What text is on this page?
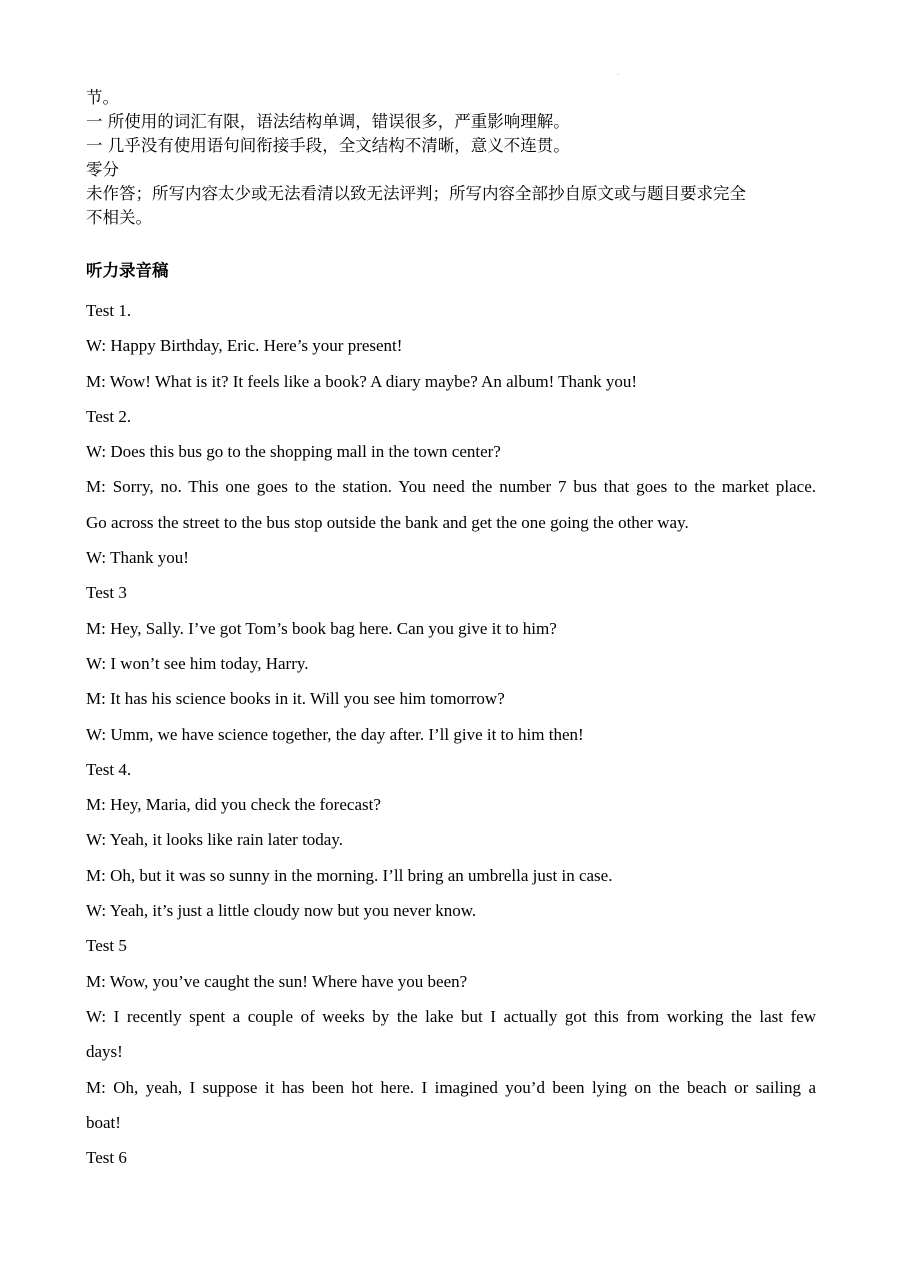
节。
一 所使用的词汇有限，语法结构单调，错误很多，严重影响理解。
一 几乎没有使用语句间衔接手段，全文结构不清晰，意义不连贯。
零分
未作答；所写内容太少或无法看清以致无法评判；所写内容全部抄自原文或与题目要求完全
不相关。
听力录音稿
Test 1.
W: Happy Birthday, Eric. Here’s your present!
M: Wow! What is it? It feels like a book? A diary maybe? An album! Thank you!
Test 2.
W: Does this bus go to the shopping mall in the town center?
M: Sorry, no. This one goes to the station. You need the number 7 bus that goes to the market place.
Go across the street to the bus stop outside the bank and get the one going the other way.
W: Thank you!
Test 3
M: Hey, Sally. I’ve got Tom’s book bag here. Can you give it to him?
W: I won’t see him today, Harry.
M: It has his science books in it. Will you see him tomorrow?
W: Umm, we have science together, the day after. I’ll give it to him then!
Test 4.
M: Hey, Maria, did you check the forecast?
W: Yeah, it looks like rain later today.
M: Oh, but it was so sunny in the morning. I’ll bring an umbrella just in case.
W: Yeah, it’s just a little cloudy now but you never know.
Test 5
M: Wow, you’ve caught the sun! Where have you been?
W: I recently spent a couple of weeks by the lake but I actually got this from working the last few
days!
M: Oh, yeah, I suppose it has been hot here. I imagined you’d been lying on the beach or sailing a
boat!
Test 6
